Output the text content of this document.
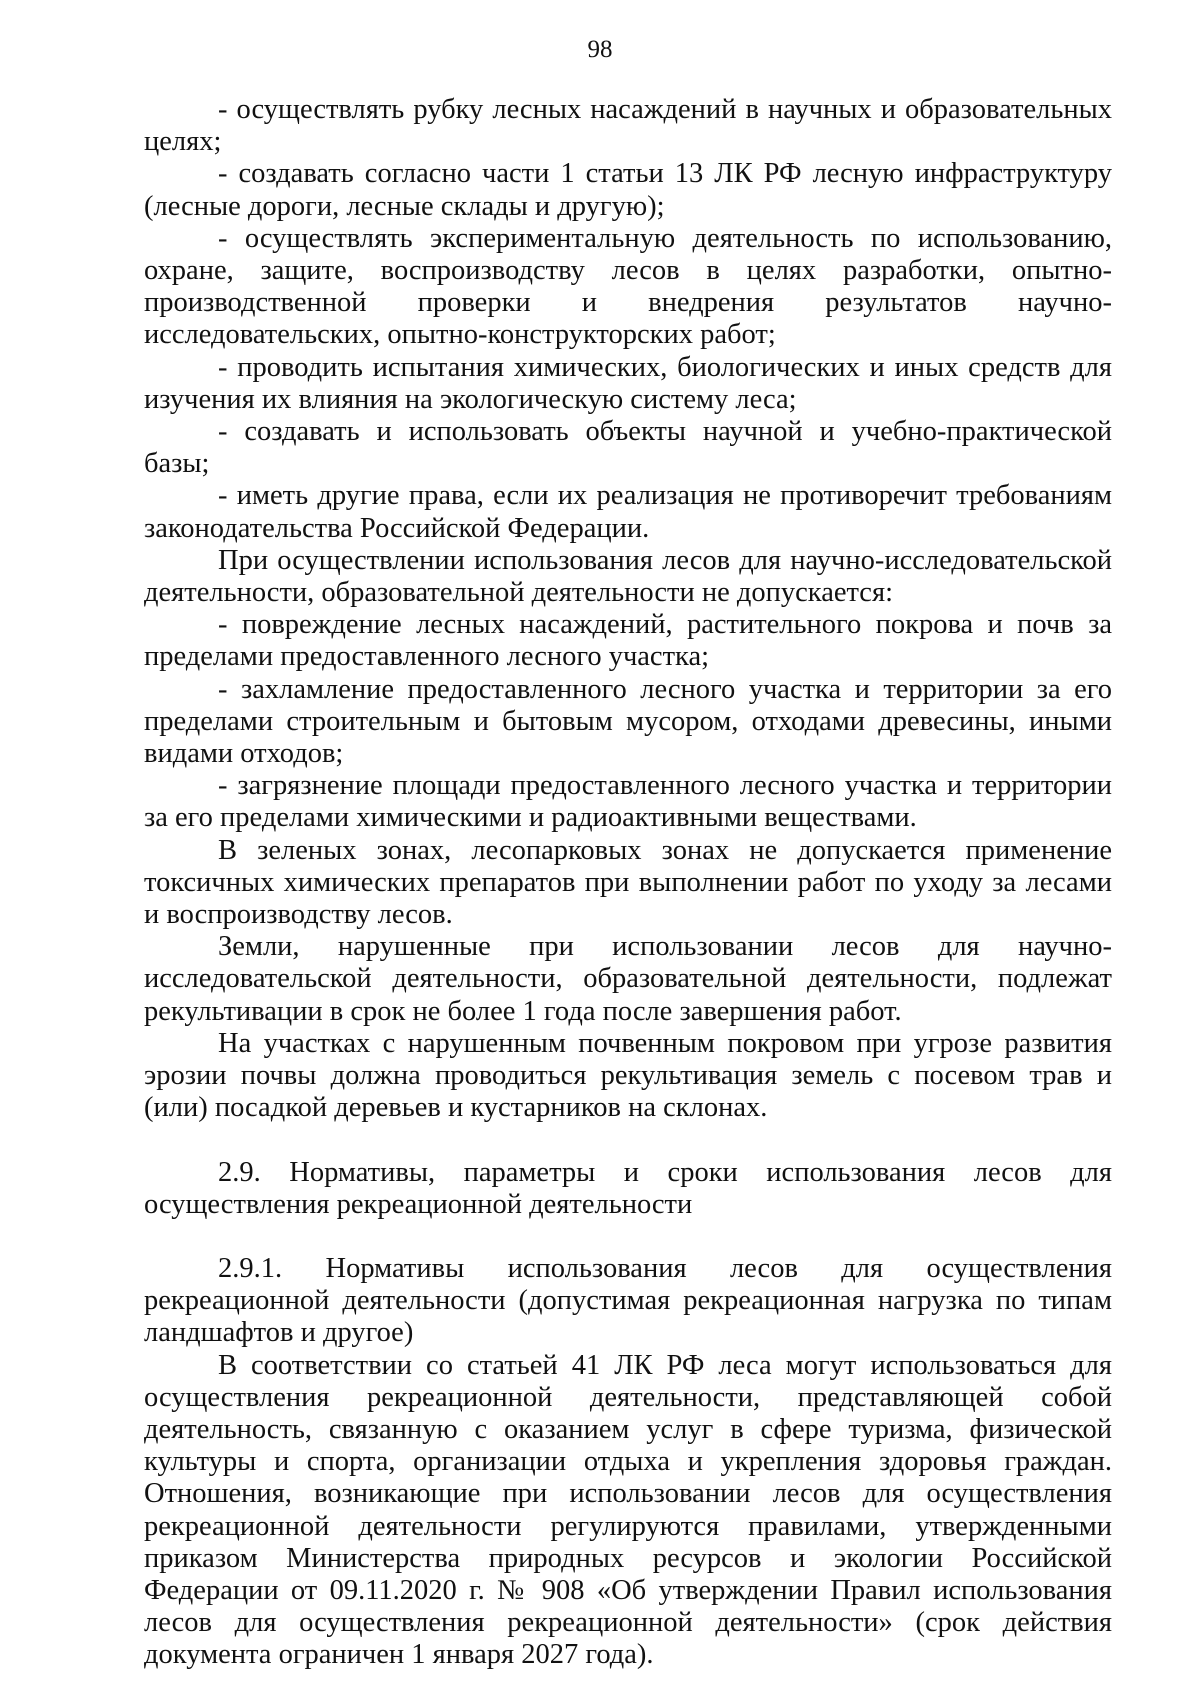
98

- осуществлять рубку лесных насаждений в научных и образовательных целях;

- создавать согласно части 1 статьи 13 ЛК РФ лесную инфраструктуру (лесные дороги, лесные склады и другую);

- осуществлять экспериментальную деятельность по использованию, охране, защите, воспроизводству лесов в целях разработки, опытно-производственной проверки и внедрения результатов научно-исследовательских, опытно-конструкторских работ;

- проводить испытания химических, биологических и иных средств для изучения их влияния на экологическую систему леса;

- создавать и использовать объекты научной и учебно-практической базы;

- иметь другие права, если их реализация не противоречит требованиям законодательства Российской Федерации.

При осуществлении использования лесов для научно-исследовательской деятельности, образовательной деятельности не допускается:

- повреждение лесных насаждений, растительного покрова и почв за пределами предоставленного лесного участка;

- захламление предоставленного лесного участка и территории за его пределами строительным и бытовым мусором, отходами древесины, иными видами отходов;

- загрязнение площади предоставленного лесного участка и территории за его пределами химическими и радиоактивными веществами.

В зеленых зонах, лесопарковых зонах не допускается применение токсичных химических препаратов при выполнении работ по уходу за лесами и воспроизводству лесов.

Земли, нарушенные при использовании лесов для научно-исследовательской деятельности, образовательной деятельности, подлежат рекультивации в срок не более 1 года после завершения работ.

На участках с нарушенным почвенным покровом при угрозе развития эрозии почвы должна проводиться рекультивация земель с посевом трав и (или) посадкой деревьев и кустарников на склонах.

2.9. Нормативы, параметры и сроки использования лесов для осуществления рекреационной деятельности

2.9.1. Нормативы использования лесов для осуществления рекреационной деятельности (допустимая рекреационная нагрузка по типам ландшафтов и другое)

В соответствии со статьей 41 ЛК РФ леса могут использоваться для осуществления рекреационной деятельности, представляющей собой деятельность, связанную с оказанием услуг в сфере туризма, физической культуры и спорта, организации отдыха и укрепления здоровья граждан. Отношения, возникающие при использовании лесов для осуществления рекреационной деятельности регулируются правилами, утвержденными приказом Министерства природных ресурсов и экологии Российской Федерации от 09.11.2020 г. № 908 «Об утверждении Правил использования лесов для осуществления рекреационной деятельности» (срок действия документа ограничен 1 января 2027 года).
